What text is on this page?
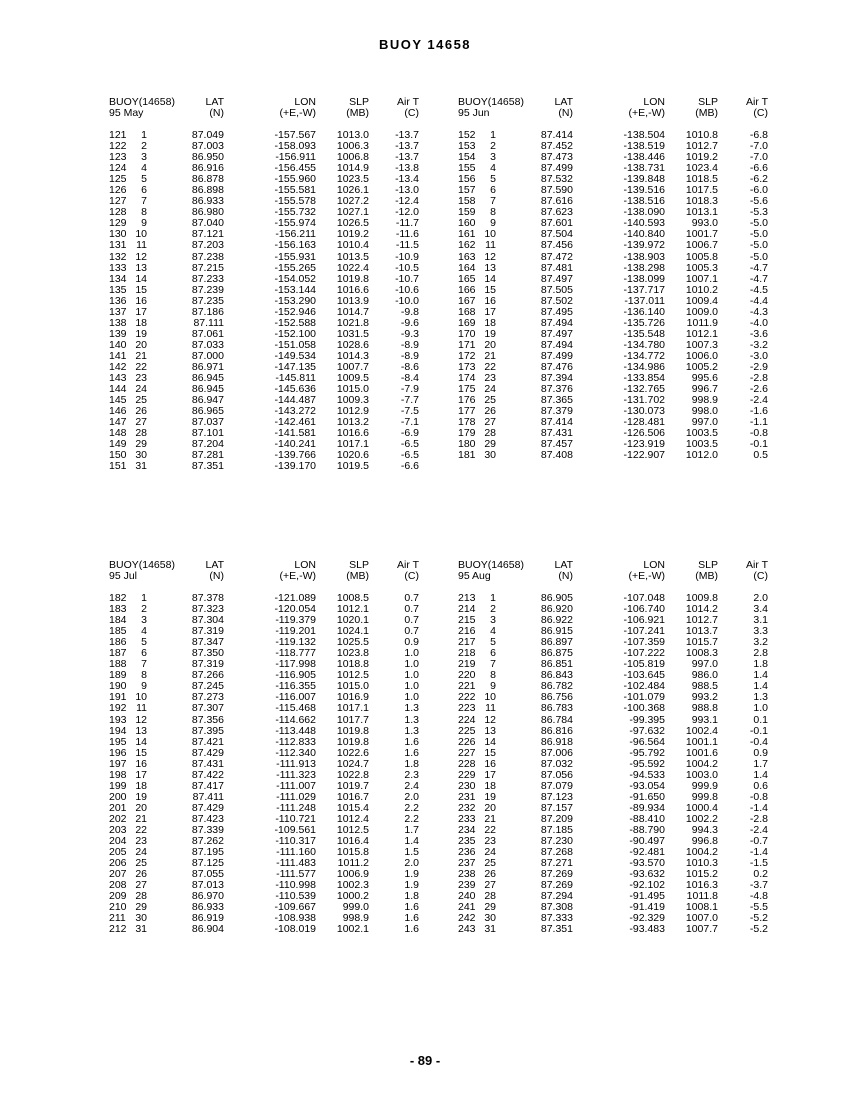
BUOY 14658
BUOY(14658)	LAT	LON	SLP	Air T
95 May	(N)	(+E,-W)	(MB)	(C)
121 1	87.049	-157.567 1013.0 -13.7
122 2	87.003	-158.093 1006.3 -13.7
123 3	86.950	-156.911 1006.8 -13.7
124 4	86.916	-156.455 1014.9 -13.8
125 5	86.878	-155.960 1023.5 -13.4
126 6	86.898	-155.581 1026.1 -13.0
127 7	86.933	-155.578 1027.2 -12.4
128 8	86.980	-155.732 1027.1 -12.0
129 9	87.040	-155.974 1026.5	-11.7
130 10	87.121	-156.211 1019.2	-11.6
131 11	87.203	-156.163 1010.4	-11.5
132 12	87.238	-155.931 1013.5 -10.9
133 13	87.215	-155.265 1022.4 -10.5
134 14	87.233	-154.052 1019.8 -10.7
135 15	87.239	-153.144 1016.6 -10.6
136 16	87.235	-153.290 1013.9 -10.0
137 17	87.186	-152.946 1014.7	-9.8
138 18	87.111	-152.588 1021.8	-9.6
139 19	87.061	-152.100 1031.5	-9.3
140 20	87.033	-151.058 1028.6	-8.9
141 21	87.000	-149.534 1014.3	-8.9
142 22	86.971	-147.135 1007.7	-8.6
143 23	86.945	-145.811 1009.5	-8.4
144 24	86.945	-145.636 1015.0	-7.9
145 25	86.947	-144.487 1009.3	-7.7
146 26	86.965	-143.272 1012.9	-7.5
147 27	87.037	-142.461 1013.2	-7.1
148 28	87.101	-141.581 1016.6	-6.9
149 29	87.204	-140.241 1017.1	-6.5
150 30	87.281	-139.766 1020.6	-6.5
151 31	87.351	-139.170 1019.5	-6.6
BUOY(14658)	LAT	LON	SLP	Air T
95 Jun	(N)	(+E,-W)	(MB)	(C)
152 1	87.414	-138.504 1010.8	-6.8
153 2	87.452	-138.519 1012.7	-7.0
154 3	87.473	-138.446 1019.2	-7.0
155 4	87.499	-138.731 1023.4	-6.6
156 5	87.532	-139.848 1018.5	-6.2
157 6	87.590	-139.516 1017.5	-6.0
158 7	87.616	-138.516 1018.3	-5.6
159 8	87.623	-138.090 1013.1	-5.3
160 9	87.601	-140.593	993.0	-5.0
161 10	87.504	-140.840 1001.7	-5.0
162 11	87.456	-139.972 1006.7	-5.0
163 12	87.472	-138.903 1005.8	-5.0
164 13	87.481	-138.298 1005.3	-4.7
165 14	87.497	-138.099 1007.1	-4.7
166 15	87.505	-137.717 1010.2	-4.5
167 16	87.502	-137.011 1009.4	-4.4
168 17	87.495	-136.140 1009.0	-4.3
169 18	87.494	-135.726 1011.9	-4.0
170 19	87.497	-135.548 1012.1	-3.6
171 20	87.494	-134.780 1007.3	-3.2
172 21	87.499	-134.772 1006.0	-3.0
173 22	87.476	-134.986 1005.2	-2.9
174 23	87.394	-133.854	995.6	-2.8
175 24	87.376	-132.765	996.7	-2.6
176 25	87.365	-131.702	998.9	-2.4
177 26	87.379	-130.073	998.0	-1.6
178 27	87.414	-128.481	997.0	-1.1
179 28	87.431	-126.506 1003.5	-0.8
180 29	87.457	-123.919 1003.5	-0.1
181 30	87.408	-122.907 1012.0	0.5
BUOY(14658)	LAT	LON	SLP	Air T
95 Jul	(N)	(+E,-W)	(MB)	(C)
182 1	87.378	-121.089 1008.5	0.7
183 2	87.323	-120.054 1012.1	0.7
184 3	87.304	-119.379 1020.1	0.7
185 4	87.319	-119.201 1024.1	0.7
186 5	87.347	-119.132 1025.5	0.9
187 6	87.350	-118.777 1023.8	1.0
188 7	87.319	-117.998 1018.8	1.0
189 8	87.266	-116.905 1012.5	1.0
190 9	87.245	-116.355 1015.0	1.0
191 10	87.273	-116.007 1016.9	1.0
192 11	87.307	-115.468 1017.1	1.3
193 12	87.356	-114.662 1017.7	1.3
194 13	87.395	-113.448 1019.8	1.3
195 14	87.421	-112.833 1019.8	1.6
196 15	87.429	-112.340 1022.6	1.6
197 16	87.431	-111.913 1024.7	1.8
198 17	87.422	-111.323 1022.8	2.3
199 18	87.417	-111.007 1019.7	2.4
200 19	87.411	-111.029 1016.7	2.0
201 20	87.429	-111.248 1015.4	2.2
202 21	87.423	-110.721 1012.4	2.2
203 22	87.339	-109.561 1012.5	1.7
204 23	87.262	-110.317 1016.4	1.4
205 24	87.195	-111.160 1015.8	1.5
206 25	87.125	-111.483 1011.2	2.0
207 26	87.055	-111.577 1006.9	1.9
208 27	87.013	-110.998 1002.3	1.9
209 28	86.970	-110.539 1000.2	1.8
210 29	86.933	-109.667	999.0	1.6
211 30	86.919	-108.938	998.9	1.6
212 31	86.904	-108.019 1002.1	1.6
BUOY(14658)	LAT	LON	SLP	Air T
95 Aug	(N)	(+E,-W)	(MB)	(C)
213 1	86.905	-107.048 1009.8	2.0
214 2	86.920	-106.740 1014.2	3.4
215 3	86.922	-106.921 1012.7	3.1
216 4	86.915	-107.241 1013.7	3.3
217 5	86.897	-107.359 1015.7	3.2
218 6	86.875	-107.222 1008.3	2.8
219 7	86.851	-105.819	997.0	1.8
220 8	86.843	-103.645	986.0	1.4
221 9	86.782	-102.484	988.5	1.4
222 10	86.756	-101.079	993.2	1.3
223 11	86.783	-100.368	988.8	1.0
224 12	86.784	-99.395	993.1	0.1
225 13	86.816	-97.632 1002.4	-0.1
226 14	86.918	-96.564 1001.1	-0.4
227 15	87.006	-95.792 1001.6	0.9
228 16	87.032	-95.592 1004.2	1.7
229 17	87.056	-94.533 1003.0	1.4
230 18	87.079	-93.054	999.9	0.6
231 19	87.123	-91.650	999.8	-0.8
232 20	87.157	-89.934 1000.4	-1.4
233 21	87.209	-88.410 1002.2	-2.8
234 22	87.185	-88.790	994.3	-2.4
235 23	87.230	-90.497	996.8	-0.7
236 24	87.268	-92.481 1004.2	-1.4
237 25	87.271	-93.570 1010.3	-1.5
238 26	87.269	-93.632 1015.2	0.2
239 27	87.269	-92.102 1016.3	-3.7
240 28	87.294	-91.495 1011.8	-4.8
241 29	87.308	-91.419 1008.1	-5.5
242 30	87.333	-92.329 1007.0	-5.2
243 31	87.351	-93.483 1007.7	-5.2
- 89 -
